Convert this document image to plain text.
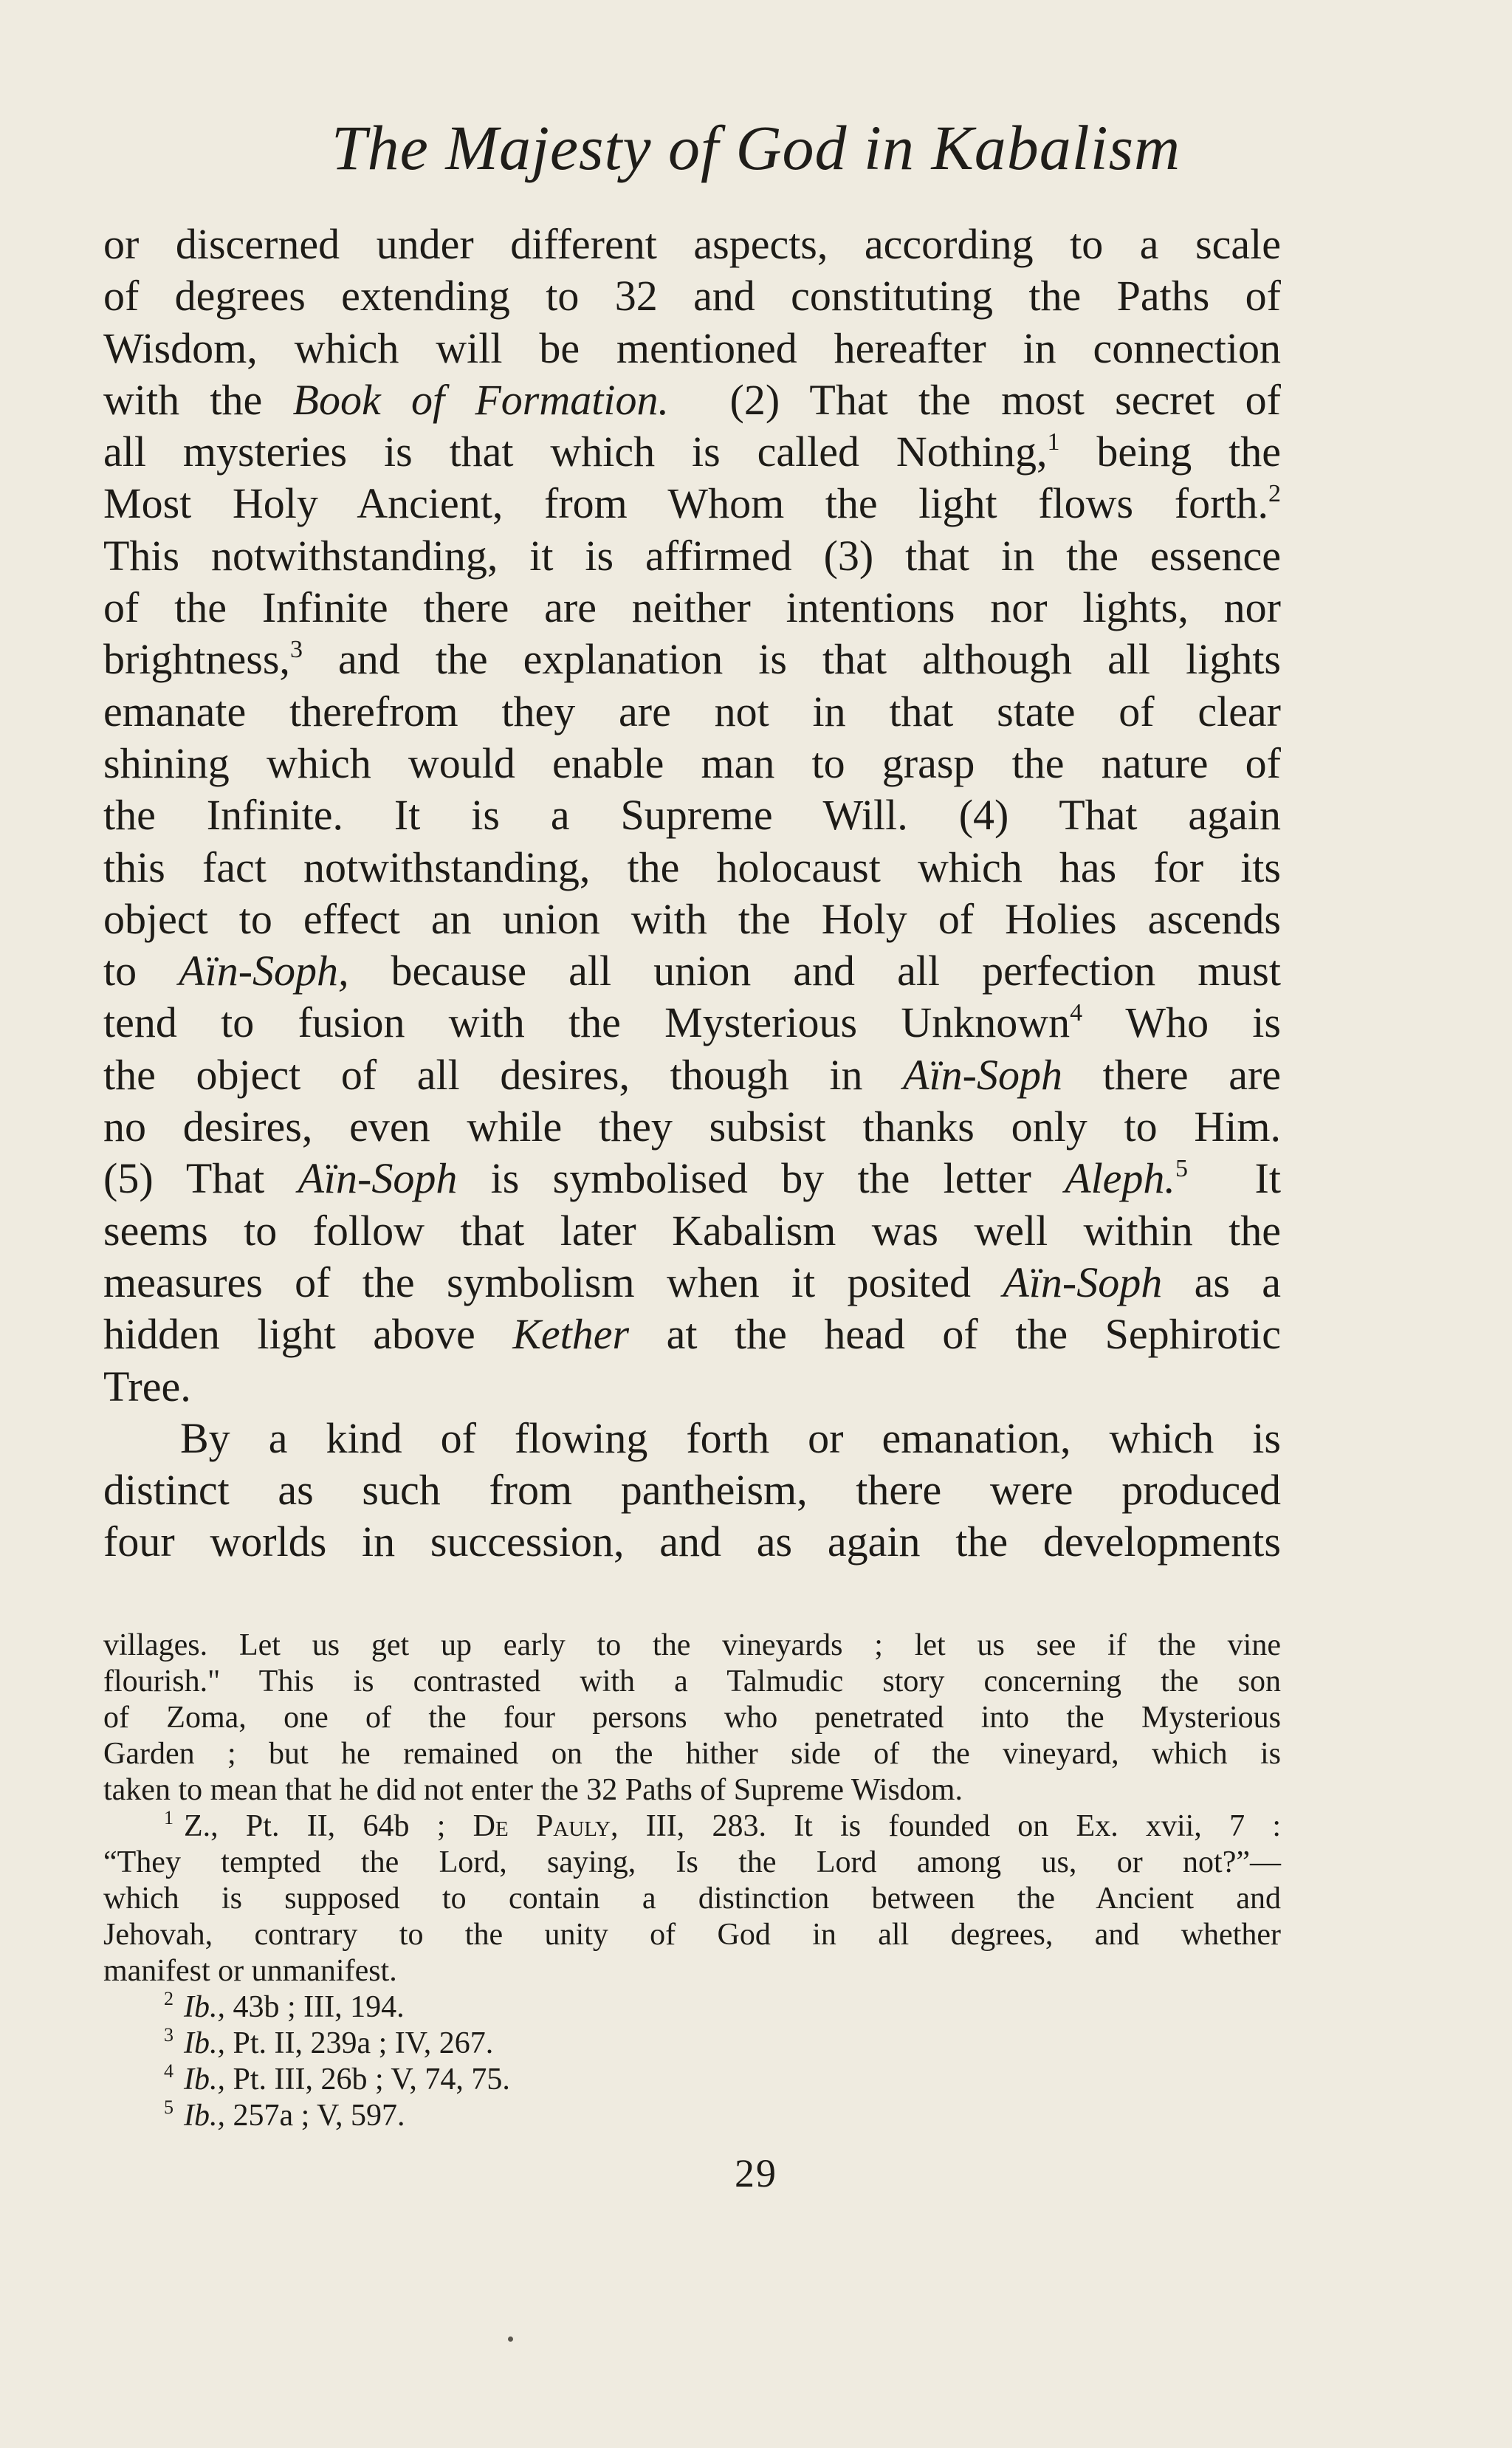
The Majesty of God in Kabalism
or discerned under different aspects, according to a scale
of degrees extending to 32 and constituting the Paths of
Wisdom, which will be mentioned hereafter in connection
with the Book of Formation.  (2) That the most secret of
all mysteries is that which is called Nothing,$^1$ being the
Most Holy Ancient, from Whom the light flows forth.$^2$
This notwithstanding, it is affirmed (3) that in the essence
of the Infinite there are neither intentions nor lights, nor
brightness,$^3$ and the explanation is that although all lights
emanate therefrom they are not in that state of clear
shining which would enable man to grasp the nature of
the Infinite. It is a Supreme Will. (4) That again
this fact notwithstanding, the holocaust which has for its
object to effect an union with the Holy of Holies ascends
to Aïn-Soph, because all union and all perfection must
tend to fusion with the Mysterious Unknown$^4$ Who is
the object of all desires, though in Aïn-Soph there are
no desires, even while they subsist thanks only to Him.
(5) That Aïn-Soph is symbolised by the letter Aleph.$^5$  It
seems to follow that later Kabalism was well within the
measures of the symbolism when it posited Aïn-Soph as a
hidden light above Kether at the head of the Sephirotic
Tree.
By a kind of flowing forth or emanation, which is
distinct as such from pantheism, there were produced
four worlds in succession, and as again the developments
villages. Let us get up early to the vineyards ; let us see if the vine
flourish." This is contrasted with a Talmudic story concerning the son
of Zoma, one of the four persons who penetrated into the Mysterious
Garden ; but he remained on the hither side of the vineyard, which is
taken to mean that he did not enter the 32 Paths of Supreme Wisdom.
$^1$ Z., Pt. II, 64b ; De Pauly, III, 283. It is founded on Ex. xvii, 7 :
“They tempted the Lord, saying, Is the Lord among us, or not?”—
which is supposed to contain a distinction between the Ancient and
Jehovah, contrary to the unity of God in all degrees, and whether
manifest or unmanifest.
$^2$ Ib., 43b ; III, 194.
$^3$ Ib., Pt. II, 239a ; IV, 267.
$^4$ Ib., Pt. III, 26b ; V, 74, 75.
$^5$ Ib., 257a ; V, 597.
29
